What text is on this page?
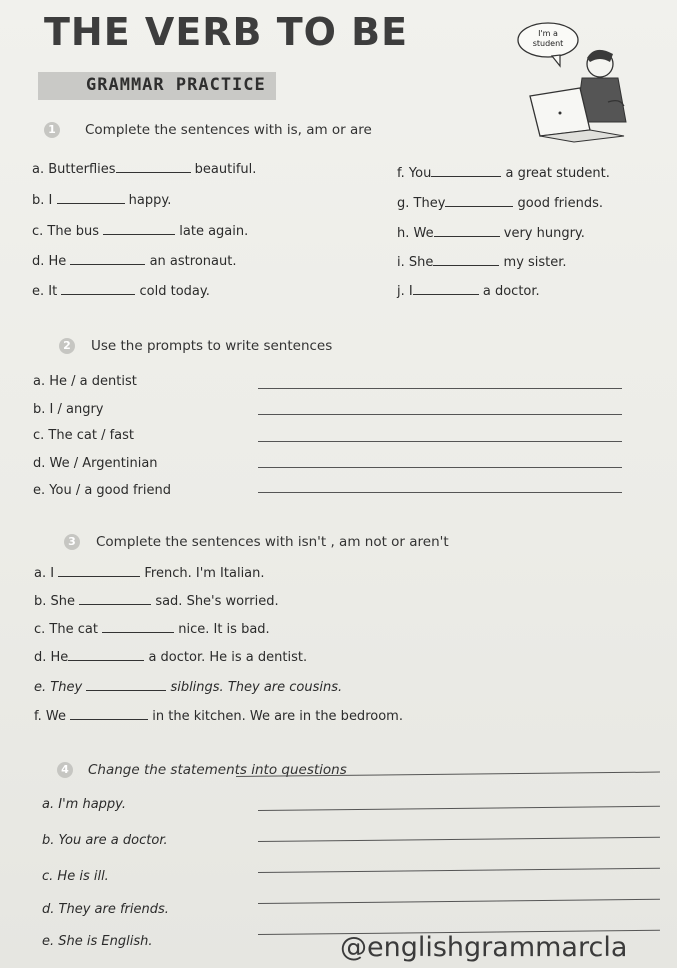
THE VERB TO BE
GRAMMAR PRACTICE
I'm a
student
1	Complete the sentences with is, am or are
a. Butterflies	beautiful.
b. I	happy.
c. The bus	late again.
d. He	an astronaut.
e. It	cold today.
f. You	a great student.
g. They	good friends.
h. We	very hungry.
i. She	my sister.
j. I	a doctor.
2	Use the prompts to write sentences
a. He / a dentist
b. I / angry
c. The cat / fast
d. We / Argentinian
e. You / a good friend
3	Complete the sentences with isn't , am not or aren't
a. I	French. I'm Italian.
b. She	sad. She's worried.
c. The cat	nice. It is bad.
d. He	a doctor. He is a dentist.
e. They	siblings. They are cousins.
f. We	in the kitchen. We are in the bedroom.
4	Change the statements into questions
a. I'm happy.
b. You are a doctor.
c. He is ill.
d. They are friends.
e. She is English.	@englishgrammarcla
